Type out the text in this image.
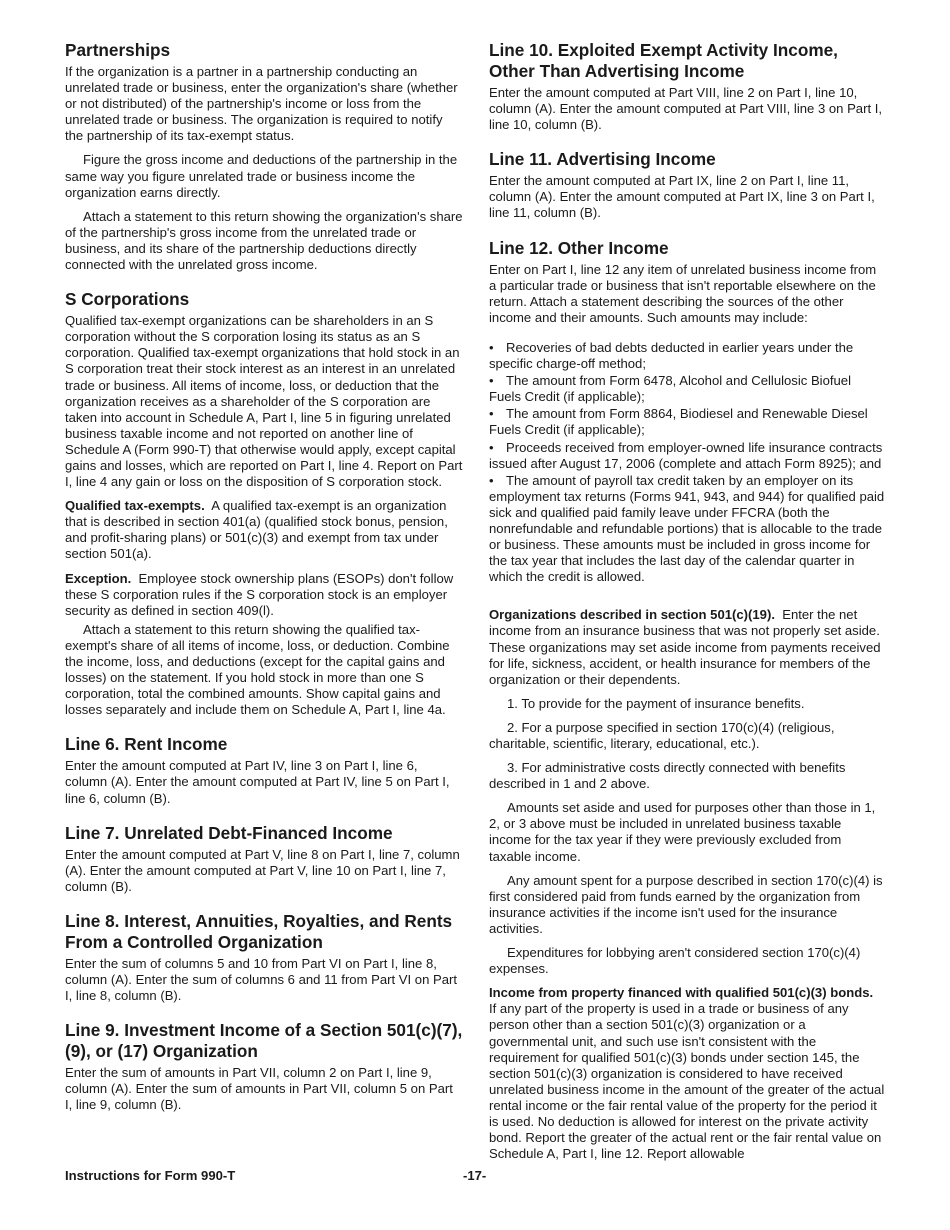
Partnerships

If the organization is a partner in a partnership conducting an unrelated trade or business, enter the organization's share (whether or not distributed) of the partnership's income or loss from the unrelated trade or business. The organization is required to notify the partnership of its tax-exempt status.

Figure the gross income and deductions of the partnership in the same way you figure unrelated trade or business income the organization earns directly.

Attach a statement to this return showing the organization's share of the partnership's gross income from the unrelated trade or business, and its share of the partnership deductions directly connected with the unrelated gross income.

S Corporations

Qualified tax-exempt organizations can be shareholders in an S corporation without the S corporation losing its status as an S corporation. Qualified tax-exempt organizations that hold stock in an S corporation treat their stock interest as an interest in an unrelated trade or business. All items of income, loss, or deduction that the organization receives as a shareholder of the S corporation are taken into account in Schedule A, Part I, line 5 in figuring unrelated business taxable income and not reported on another line of Schedule A (Form 990-T) that otherwise would apply, except capital gains and losses, which are reported on Part I, line 4. Report on Part I, line 4 any gain or loss on the disposition of S corporation stock.

Qualified tax-exempts. A qualified tax-exempt is an organization that is described in section 401(a) (qualified stock bonus, pension, and profit-sharing plans) or 501(c)(3) and exempt from tax under section 501(a).

Exception. Employee stock ownership plans (ESOPs) don't follow these S corporation rules if the S corporation stock is an employer security as defined in section 409(l).

Attach a statement to this return showing the qualified tax-exempt's share of all items of income, loss, or deduction. Combine the income, loss, and deductions (except for the capital gains and losses) on the statement. If you hold stock in more than one S corporation, total the combined amounts. Show capital gains and losses separately and include them on Schedule A, Part I, line 4a.

Line 6. Rent Income

Enter the amount computed at Part IV, line 3 on Part I, line 6, column (A). Enter the amount computed at Part IV, line 5 on Part I, line 6, column (B).

Line 7. Unrelated Debt-Financed Income

Enter the amount computed at Part V, line 8 on Part I, line 7, column (A). Enter the amount computed at Part V, line 10 on Part I, line 7, column (B).

Line 8. Interest, Annuities, Royalties, and Rents From a Controlled Organization

Enter the sum of columns 5 and 10 from Part VI on Part I, line 8, column (A). Enter the sum of columns 6 and 11 from Part VI on Part I, line 8, column (B).

Line 9. Investment Income of a Section 501(c)(7), (9), or (17) Organization

Enter the sum of amounts in Part VII, column 2 on Part I, line 9, column (A). Enter the sum of amounts in Part VII, column 5 on Part I, line 9, column (B).

Line 10. Exploited Exempt Activity Income, Other Than Advertising Income

Enter the amount computed at Part VIII, line 2 on Part I, line 10, column (A). Enter the amount computed at Part VIII, line 3 on Part I, line 10, column (B).

Line 11. Advertising Income

Enter the amount computed at Part IX, line 2 on Part I, line 11, column (A). Enter the amount computed at Part IX, line 3 on Part I, line 11, column (B).

Line 12. Other Income

Enter on Part I, line 12 any item of unrelated business income from a particular trade or business that isn't reportable elsewhere on the return. Attach a statement describing the sources of the other income and their amounts. Such amounts may include:

• Recoveries of bad debts deducted in earlier years under the specific charge-off method;
• The amount from Form 6478, Alcohol and Cellulosic Biofuel Fuels Credit (if applicable);
• The amount from Form 8864, Biodiesel and Renewable Diesel Fuels Credit (if applicable);
• Proceeds received from employer-owned life insurance contracts issued after August 17, 2006 (complete and attach Form 8925); and
• The amount of payroll tax credit taken by an employer on its employment tax returns (Forms 941, 943, and 944) for qualified paid sick and qualified paid family leave under FFCRA (both the nonrefundable and refundable portions) that is allocable to the trade or business. These amounts must be included in gross income for the tax year that includes the last day of the calendar quarter in which the credit is allowed.

Organizations described in section 501(c)(19). Enter the net income from an insurance business that was not properly set aside. These organizations may set aside income from payments received for life, sickness, accident, or health insurance for members of the organization or their dependents.

1. To provide for the payment of insurance benefits.

2. For a purpose specified in section 170(c)(4) (religious, charitable, scientific, literary, educational, etc.).

3. For administrative costs directly connected with benefits described in 1 and 2 above.

Amounts set aside and used for purposes other than those in 1, 2, or 3 above must be included in unrelated business taxable income for the tax year if they were previously excluded from taxable income.

Any amount spent for a purpose described in section 170(c)(4) is first considered paid from funds earned by the organization from insurance activities if the income isn't used for the insurance activities.

Expenditures for lobbying aren't considered section 170(c)(4) expenses.

Income from property financed with qualified 501(c)(3) bonds.  If any part of the property is used in a trade or business of any person other than a section 501(c)(3) organization or a governmental unit, and such use isn't consistent with the requirement for qualified 501(c)(3) bonds under section 145, the section 501(c)(3) organization is considered to have received unrelated business income in the amount of the greater of the actual rental income or the fair rental value of the property for the period it is used. No deduction is allowed for interest on the private activity bond. Report the greater of the actual rent or the fair rental value on Schedule A, Part I, line 12. Report allowable

Instructions for Form 990-T	-17-
